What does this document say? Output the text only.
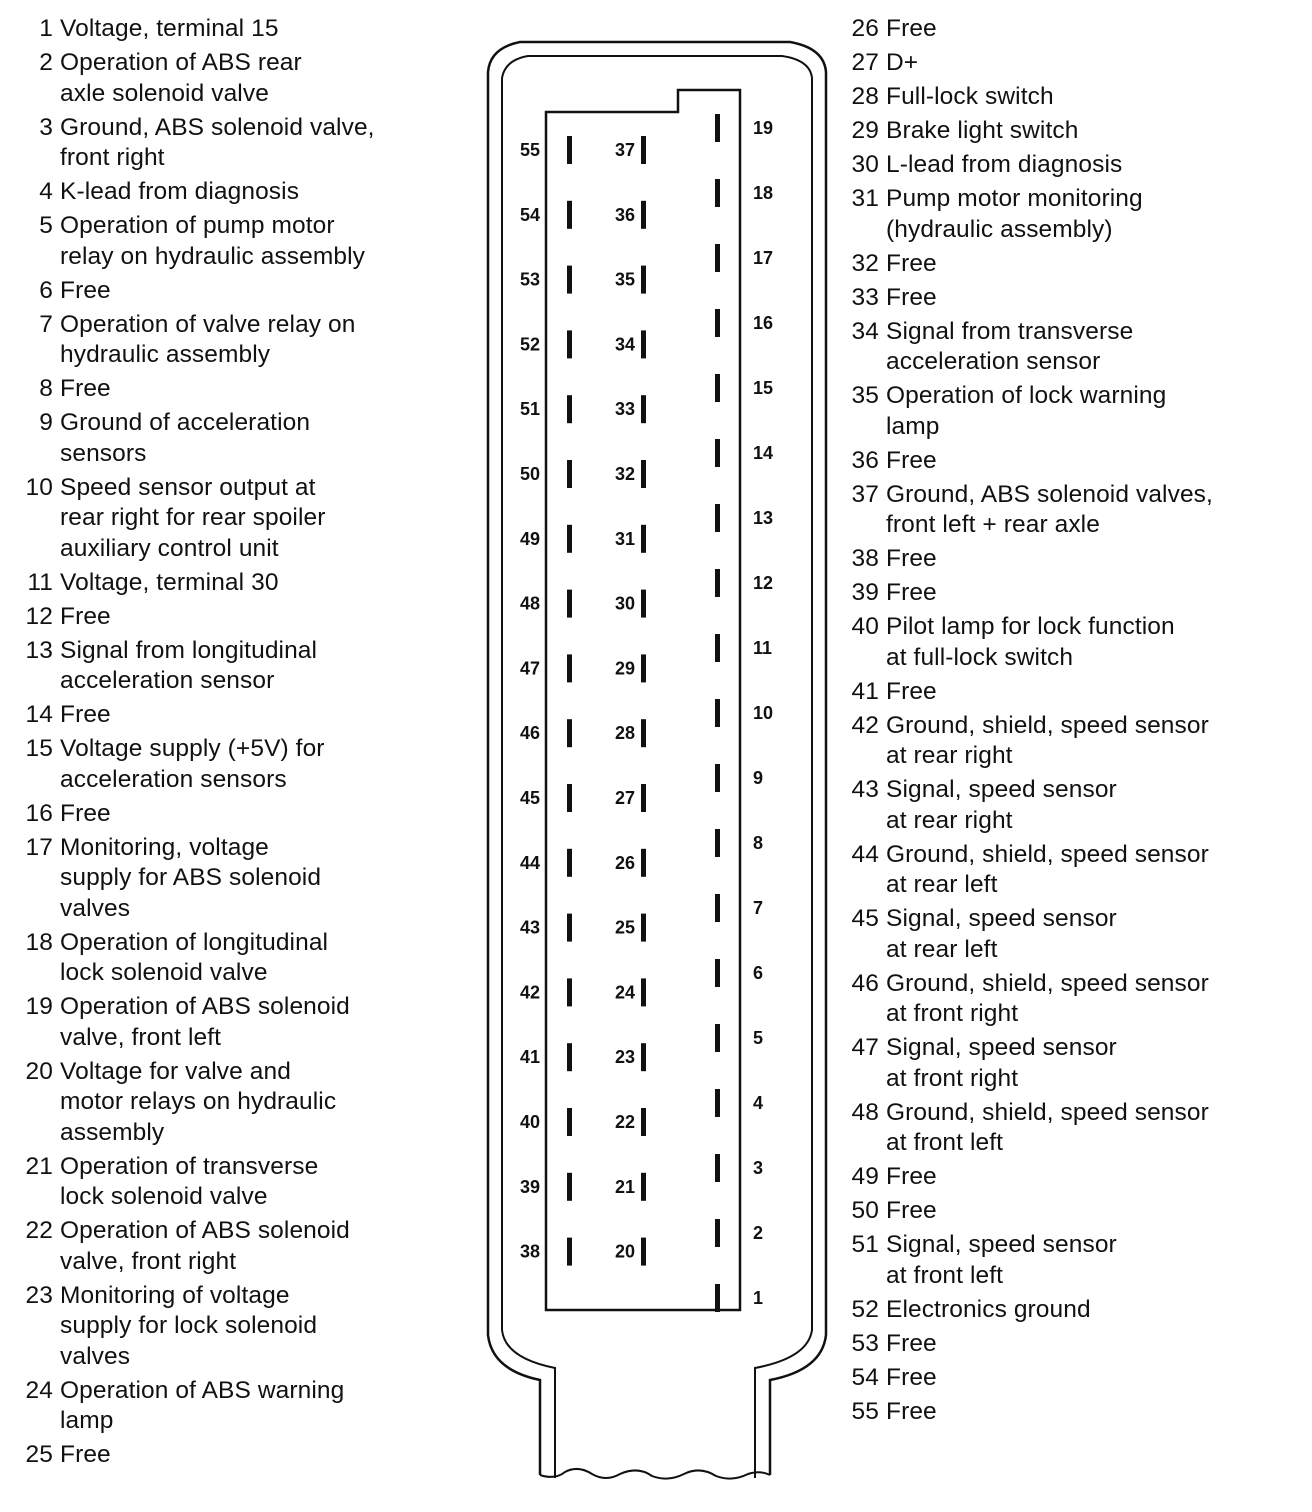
55
54
53
52
51
50
49
48
47
46
45
44
43
42
41
40
39
38
37
36
35
34
33
32
31
30
29
28
27
26
25
24
23
22
21
20
19
18
17
16
15
14
13
12
11
10
9
8
7
6
5
4
3
2
1
1 Voltage, terminal 15
2 Operation of ABS rear
axle solenoid valve
3 Ground, ABS solenoid valve,
front right
4 K-lead from diagnosis
5 Operation of pump motor
relay on hydraulic assembly
6 Free
7 Operation of valve relay on
hydraulic assembly
8 Free
9 Ground of acceleration
sensors
10 Speed sensor output at
rear right for rear spoiler
auxiliary control unit
11 Voltage, terminal 30
12 Free
13 Signal from longitudinal
acceleration sensor
14 Free
15 Voltage supply (+5V) for
acceleration sensors
16 Free
17 Monitoring, voltage
supply for ABS solenoid
valves
18 Operation of longitudinal
lock solenoid valve
19 Operation of ABS solenoid
valve, front left
20 Voltage for valve and
motor relays on hydraulic
assembly
21 Operation of transverse
lock solenoid valve
22 Operation of ABS solenoid
valve, front right
23 Monitoring of voltage
supply for lock solenoid
valves
24 Operation of ABS warning
lamp
25 Free
26 Free
27 D+
28 Full-lock switch
29 Brake light switch
30 L-lead from diagnosis
31 Pump motor monitoring
(hydraulic assembly)
32 Free
33 Free
34 Signal from transverse
acceleration sensor
35 Operation of lock warning
lamp
36 Free
37 Ground, ABS solenoid valves,
front left + rear axle
38 Free
39 Free
40 Pilot lamp for lock function
at full-lock switch
41 Free
42 Ground, shield, speed sensor
at rear right
43 Signal, speed sensor
at rear right
44 Ground, shield, speed sensor
at rear left
45 Signal, speed sensor
at rear left
46 Ground, shield, speed sensor
at front right
47 Signal, speed sensor
at front right
48 Ground, shield, speed sensor
at front left
49 Free
50 Free
51 Signal, speed sensor
at front left
52 Electronics ground
53 Free
54 Free
55 Free
